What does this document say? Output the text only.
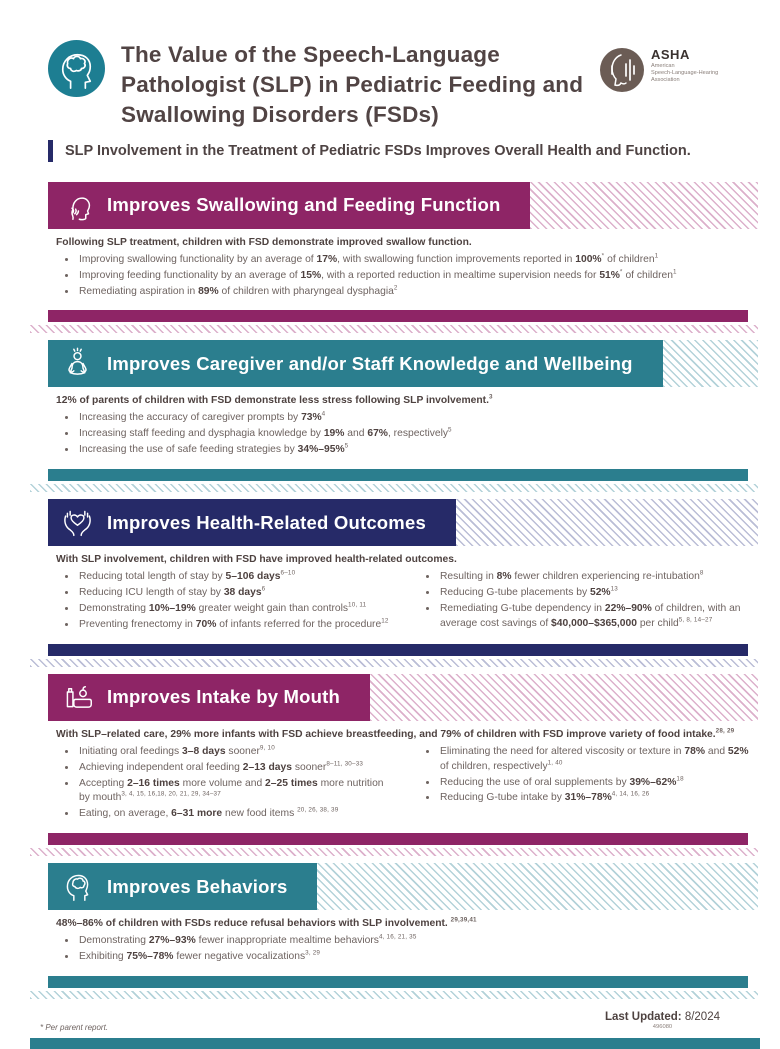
The Value of the Speech-Language Pathologist (SLP) in Pediatric Feeding and Swallowing Disorders (FSDs)
ASHA
American
Speech-Language-Hearing
Association
SLP Involvement in the Treatment of Pediatric FSDs Improves Overall Health and Function.
Improves Swallowing and Feeding Function
Following SLP treatment, children with FSD demonstrate improved swallow function.
• Improving swallowing functionality by an average of 17%, with swallowing function improvements reported in 100%* of children$^1$
• Improving feeding functionality by an average of 15%, with a reported reduction in mealtime supervision needs for 51%* of children$^1$
• Remediating aspiration in 89% of children with pharyngeal dysphagia$^2$
Improves Caregiver and/or Staff Knowledge and Wellbeing
12% of parents of children with FSD demonstrate less stress following SLP involvement.$^3$
• Increasing the accuracy of caregiver prompts by 73%$^4$
• Increasing staff feeding and dysphagia knowledge by 19% and 67%, respectively$^5$
• Increasing the use of safe feeding strategies by 34%–95%$^5$
Improves Health-Related Outcomes
With SLP involvement, children with FSD have improved health-related outcomes.
• Reducing total length of stay by 5–106 days$^{6-10}$
• Reducing ICU length of stay by 38 days$^6$
• Demonstrating 10%–19% greater weight gain than controls$^{10, 11}$
• Preventing frenectomy in 70% of infants referred for the procedure$^{12}$
• Resulting in 8% fewer children experiencing re-intubation$^8$
• Reducing G-tube placements by 52%$^{13}$
• Remediating G-tube dependency in 22%–90% of children, with an average cost savings of $40,000–$365,000 per child$^{5, 8, 14-27}$
Improves Intake by Mouth
With SLP–related care, 29% more infants with FSD achieve breastfeeding, and 79% of children with FSD improve variety of food intake.$^{28, 29}$
• Initiating oral feedings 3–8 days sooner$^{9, 10}$
• Achieving independent oral feeding 2–13 days sooner$^{8-11, 30-33}$
• Accepting 2–16 times more volume and 2–25 times more nutrition by mouth$^{3, 4, 15, 16,18, 20, 21, 29, 34-37}$
• Eating, on average, 6–31 more new food items $^{20, 26, 38, 39}$
• Eliminating the need for altered viscosity or texture in 78% and 52% of children, respectively$^{1, 40}$
• Reducing the use of oral supplements by 39%–62%$^{18}$
• Reducing G-tube intake by 31%–78%$^{4, 14, 16, 26}$
Improves Behaviors
48%–86% of children with FSDs reduce refusal behaviors with SLP involvement. $^{29,39,41}$
• Demonstrating 27%–93% fewer inappropriate mealtime behaviors$^{4, 16, 21, 35}$
• Exhibiting 75%–78% fewer negative vocalizations$^{3, 29}$
* Per parent report.
Last Updated: 8/2024
496080
